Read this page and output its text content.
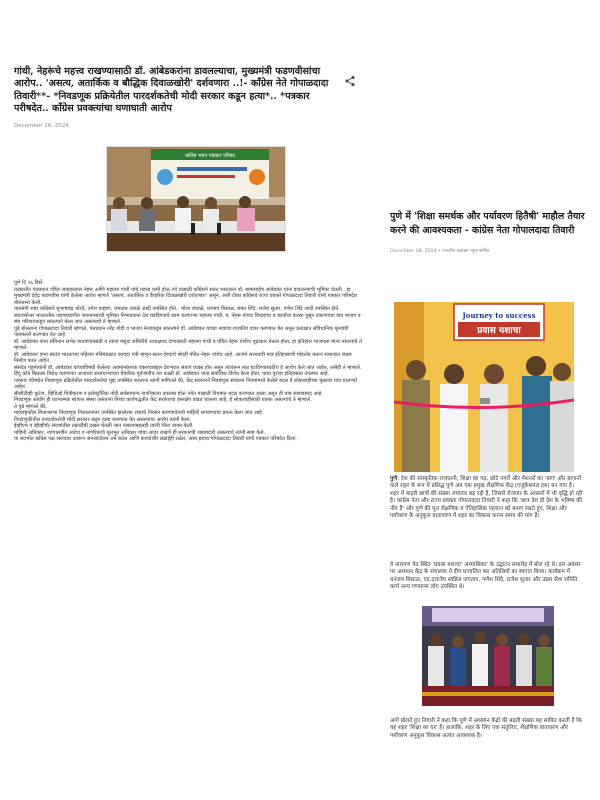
गांधी, नेहरूंचे महत्त्व राखण्यासाठी डॉ. आंबेडकरांना डावलल्याचा, मुख्यमंत्री फडणवीसांचा आरोप.. 'असत्य, अतार्किक व बौद्धिक दिवाळखोरी' दर्शवणारा ..!- काँग्रेस नेते गोपाळदादा तिवारी**- *निवडणूक प्रक्रियेतील पारदर्शकतेची मोदी सरकार कडून हत्या*.. *पत्रकार परीषदेत.. काँग्रेस प्रवक्त्यांचा घणाघाती आरोप
December 26, 2024
काँग्रेस भवन पत्रकार परिषद

पुणे दि २६ डिसें-

तत्कालीन पंतप्रधान पंडित जवाहरलाल नेहरू आणि महात्मा गांधी यांचे महत्त्व कमी होऊ नये यासाठी काँग्रेसने सतत भारतरत्न डॉ. बाबासाहेब आंबेडकर यांना डावलल्याची भूमिका घेतली.. हा मुख्यमंत्री देवेंद्र फडणवीस यांनी केलेला आरोप म्हणजे 'असत्य, अतार्किक व वैचारिक दिवाळखोरी दर्शवणारा' असून, अशी टीका काँग्रेसचे राज्य प्रवक्ते गोपाळदादा तिवारी यांनी पत्रकार परिषदेत बोलताना केली.

याप्रसंगी शहर काँग्रेसचे सुभाषचंद्र थोरवे, उमेश चव्हाण, रामदास उबाळे आदी उपस्थित होते.. भोला वांजळे, धनंजय मिसाळ, शंकर शिंदे, राजेश सुतार, गणेश शिंदे आदी उपस्थित होते.

स्वातंत्र्योत्तर भारतातील जडणघडणीत जनमानसाची भूमिका निभावताना देश घडविण्याचे काम करणाऱ्या महात्मा गांधी, पं. नेहरू यांच्या विचारांचा व कार्याचा वारसा पुसून टाकण्याचा डाव भाजप व संघ परिवाराकडून सातत्याने केला जात असल्याचे ते म्हणाले.

पुढे बोलताना गोपाळदादा तिवारी म्हणाले, पंतप्रधान नरेंद्र मोदी व भाजप नेत्यांकडून सातत्याने डॉ. आंबेडकर यांच्या नावाचा राजकीय वापर करण्यात येत असून प्रत्यक्षात संविधानिक मूल्यांची पायमल्ली करण्यात येत आहे.

डॉ. आंबेडकर यांना संविधान सभेत पाठवण्यासाठी व त्यांना मसुदा समितीचे अध्यक्षपद देण्यासाठी महात्मा गांधी व पंडित नेहरू यांनीच पुढाकार घेतला होता, हा इतिहास भाजपला मान्य नसल्याचे ते म्हणाले.

डॉ. आंबेडकर यांना स्वतंत्र भारताच्या पहिल्या मंत्रिमंडळात कायदा मंत्री म्हणून स्थान देण्याचे श्रेयही पंडित नेहरू यांचेच आहे. आजचे सत्ताधारी मात्र इतिहासाची मोडतोड करून समाजात संभ्रम निर्माण करत आहेत.

संसदेत गृहमंत्र्यांनी डॉ. आंबेडकर यांच्याविषयी केलेल्या अवमानकारक वक्तव्याबद्दल देशभरात संताप व्यक्त होत असून त्यावरून लक्ष हटविण्यासाठीच हे आरोप केले जात आहेत, असेही ते म्हणाले.

हिंदू कोड बिलाला विरोध करणाऱ्या आजच्या सत्ताधाऱ्यांच्या वैचारिक पूर्वजांनीच त्या काळी डॉ. आंबेडकर यांना सर्वाधिक विरोध केला होता, याचा पुरावा इतिहासात उपलब्ध आहे.

पत्रकार परिषदेत निवडणूक प्रक्रियेतील पारदर्शकतेचा मुद्दा उपस्थित करताना त्यांनी सांगितले की, केंद्र सरकारने निवडणूक संचालन नियमांमध्ये केलेले बदल हे लोकशाहीच्या मुळावर घाव घालणारे आहेत.

सीसीटीव्ही फुटेज, व्हिडिओ चित्रीकरण व इलेक्ट्रॉनिक नोंदी सर्वसामान्य नागरिकांना उपलब्ध होऊ नयेत यासाठी नियमांत बदल करण्यात आला असून ही बाब संशयास्पद आहे.

निवडणूक आयोग ही घटनात्मक स्वायत्त संस्था असताना तिच्या कार्यपद्धतीत केंद्र सरकारचा हस्तक्षेप वाढत चालला आहे, हे लोकशाहीसाठी घातक असल्याचे ते म्हणाले.

ते पुढे म्हणाले की,

महाराष्ट्रातील विधानसभा निवडणूक निकालानंतर उपस्थित झालेल्या शंकांचे निरसन करण्याऐवजी माहिती लपवण्याचा प्रयत्न केला जात आहे.

निवडणुकीतील पारदर्शकतेची मोदी सरकार कडून हत्या करण्यात येत असल्याचा आरोप त्यांनी केला.

ईव्हीएम व व्हीव्हीपॅट संदर्भातील तक्रारींची दखल घेतली जात नसल्याबद्दलही त्यांनी चिंता व्यक्त केली.

माहिती अधिकार, न्यायालयीन आदेश व नागरिकांचे मूलभूत अधिकार यांचा आदर राखणे ही सरकारची जबाबदारी असल्याचे त्यांनी स्पष्ट केले.

या संदर्भात काँग्रेस पक्ष रस्त्यावर उतरून जनआंदोलन उभे करेल आणि कायदेशीर लढाईही लढेल, असा इशारा गोपाळदादा तिवारी यांनी पत्रकार परिषदेत दिला.

पुणे में 'शिक्षा समर्थक और पर्यावरण हितैषी' माहौल तैयार करने की आवश्यकता - कांग्रेस नेता गोपालदादा तिवारी
December 08, 2024 • भारतीय प्रवक्ता न्यूज़ सर्विस
Journey to success
प्रवास यशाचा

पुणे: देश की सांस्कृतिक राजधानी, शिक्षा का गढ़, छोटे नगरों और पेंशनरों का 'बाग' और बागानों वाले शहर के रूप में प्रसिद्ध पुणे अब एक प्रमुख शैक्षणिक केंद्र (एजुकेशनल हब) बन गया है। शहर में बाहरी छात्रों की संख्या लगातार बढ़ रही है, जिससे रोजगार के अवसरों में भी वृद्धि हो रही है। कांग्रेस नेता और राज्य प्रवक्ता गोपालदादा तिवारी ने कहा कि 'छात्र देश ही देश के भविष्य की नींव हैं' और पुणे की मूल शैक्षणिक व ऐतिहासिक पहचान को बनाए रखते हुए, शिक्षा और पर्यावरण के अनुकूल वातावरण में शहर का विकास करना समय की मांग है।

वे नारायण पेठ स्थित 'प्रवास यशाचा' अभ्यासिका' के उद्घाटन समारोह में बोल रहे थे। इस अवसर पर अध्ययन केंद्र के संचालक ने दीप प्रज्वलित कर अतिथियों का स्वागत किया। कार्यक्रम में धनंजय मिसाळ, एड.दत्तात्रेय स्वप्निल जगताप, गणेश शिंदे, राजेश सुतार और उद्यम सेवा समिति कार्य अन्य गणमान्य लोग उपस्थित थे।

आगे बोलते हुए तिवारी ने कहा कि पुणे में अध्ययन केंद्रों की बढ़ती संख्या यह साबित करती है कि यह शहर 'शिक्षा का घर' है। हालांकि, शहर के लिए एक संतुलित, शैक्षणिक वातावरण और पर्यावरण अनुकूल विकास अत्यंत आवश्यक है।
